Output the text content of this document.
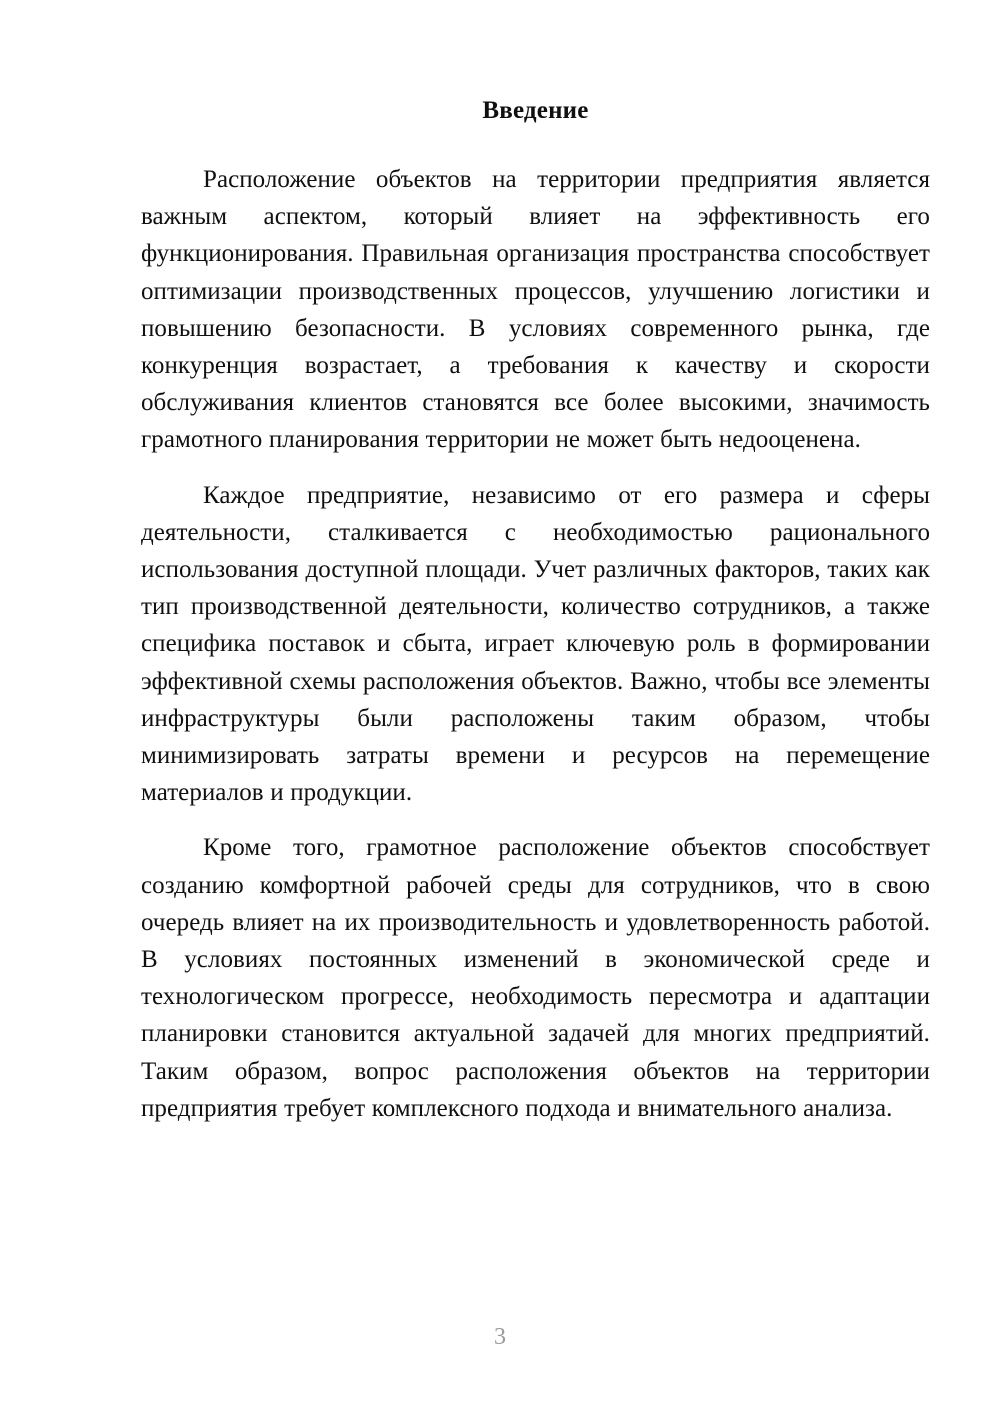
Введение

Расположение объектов на территории предприятия является важным аспектом, который влияет на эффективность его функционирования. Правильная организация пространства способствует оптимизации производственных процессов, улучшению логистики и повышению безопасности. В условиях современного рынка, где конкуренция возрастает, а требования к качеству и скорости обслуживания клиентов становятся все более высокими, значимость грамотного планирования территории не может быть недооценена.

Каждое предприятие, независимо от его размера и сферы деятельности, сталкивается с необходимостью рационального использования доступной площади. Учет различных факторов, таких как тип производственной деятельности, количество сотрудников, а также специфика поставок и сбыта, играет ключевую роль в формировании эффективной схемы расположения объектов. Важно, чтобы все элементы инфраструктуры были расположены таким образом, чтобы минимизировать затраты времени и ресурсов на перемещение материалов и продукции.

Кроме того, грамотное расположение объектов способствует созданию комфортной рабочей среды для сотрудников, что в свою очередь влияет на их производительность и удовлетворенность работой. В условиях постоянных изменений в экономической среде и технологическом прогрессе, необходимость пересмотра и адаптации планировки становится актуальной задачей для многих предприятий. Таким образом, вопрос расположения объектов на территории предприятия требует комплексного подхода и внимательного анализа.

3
